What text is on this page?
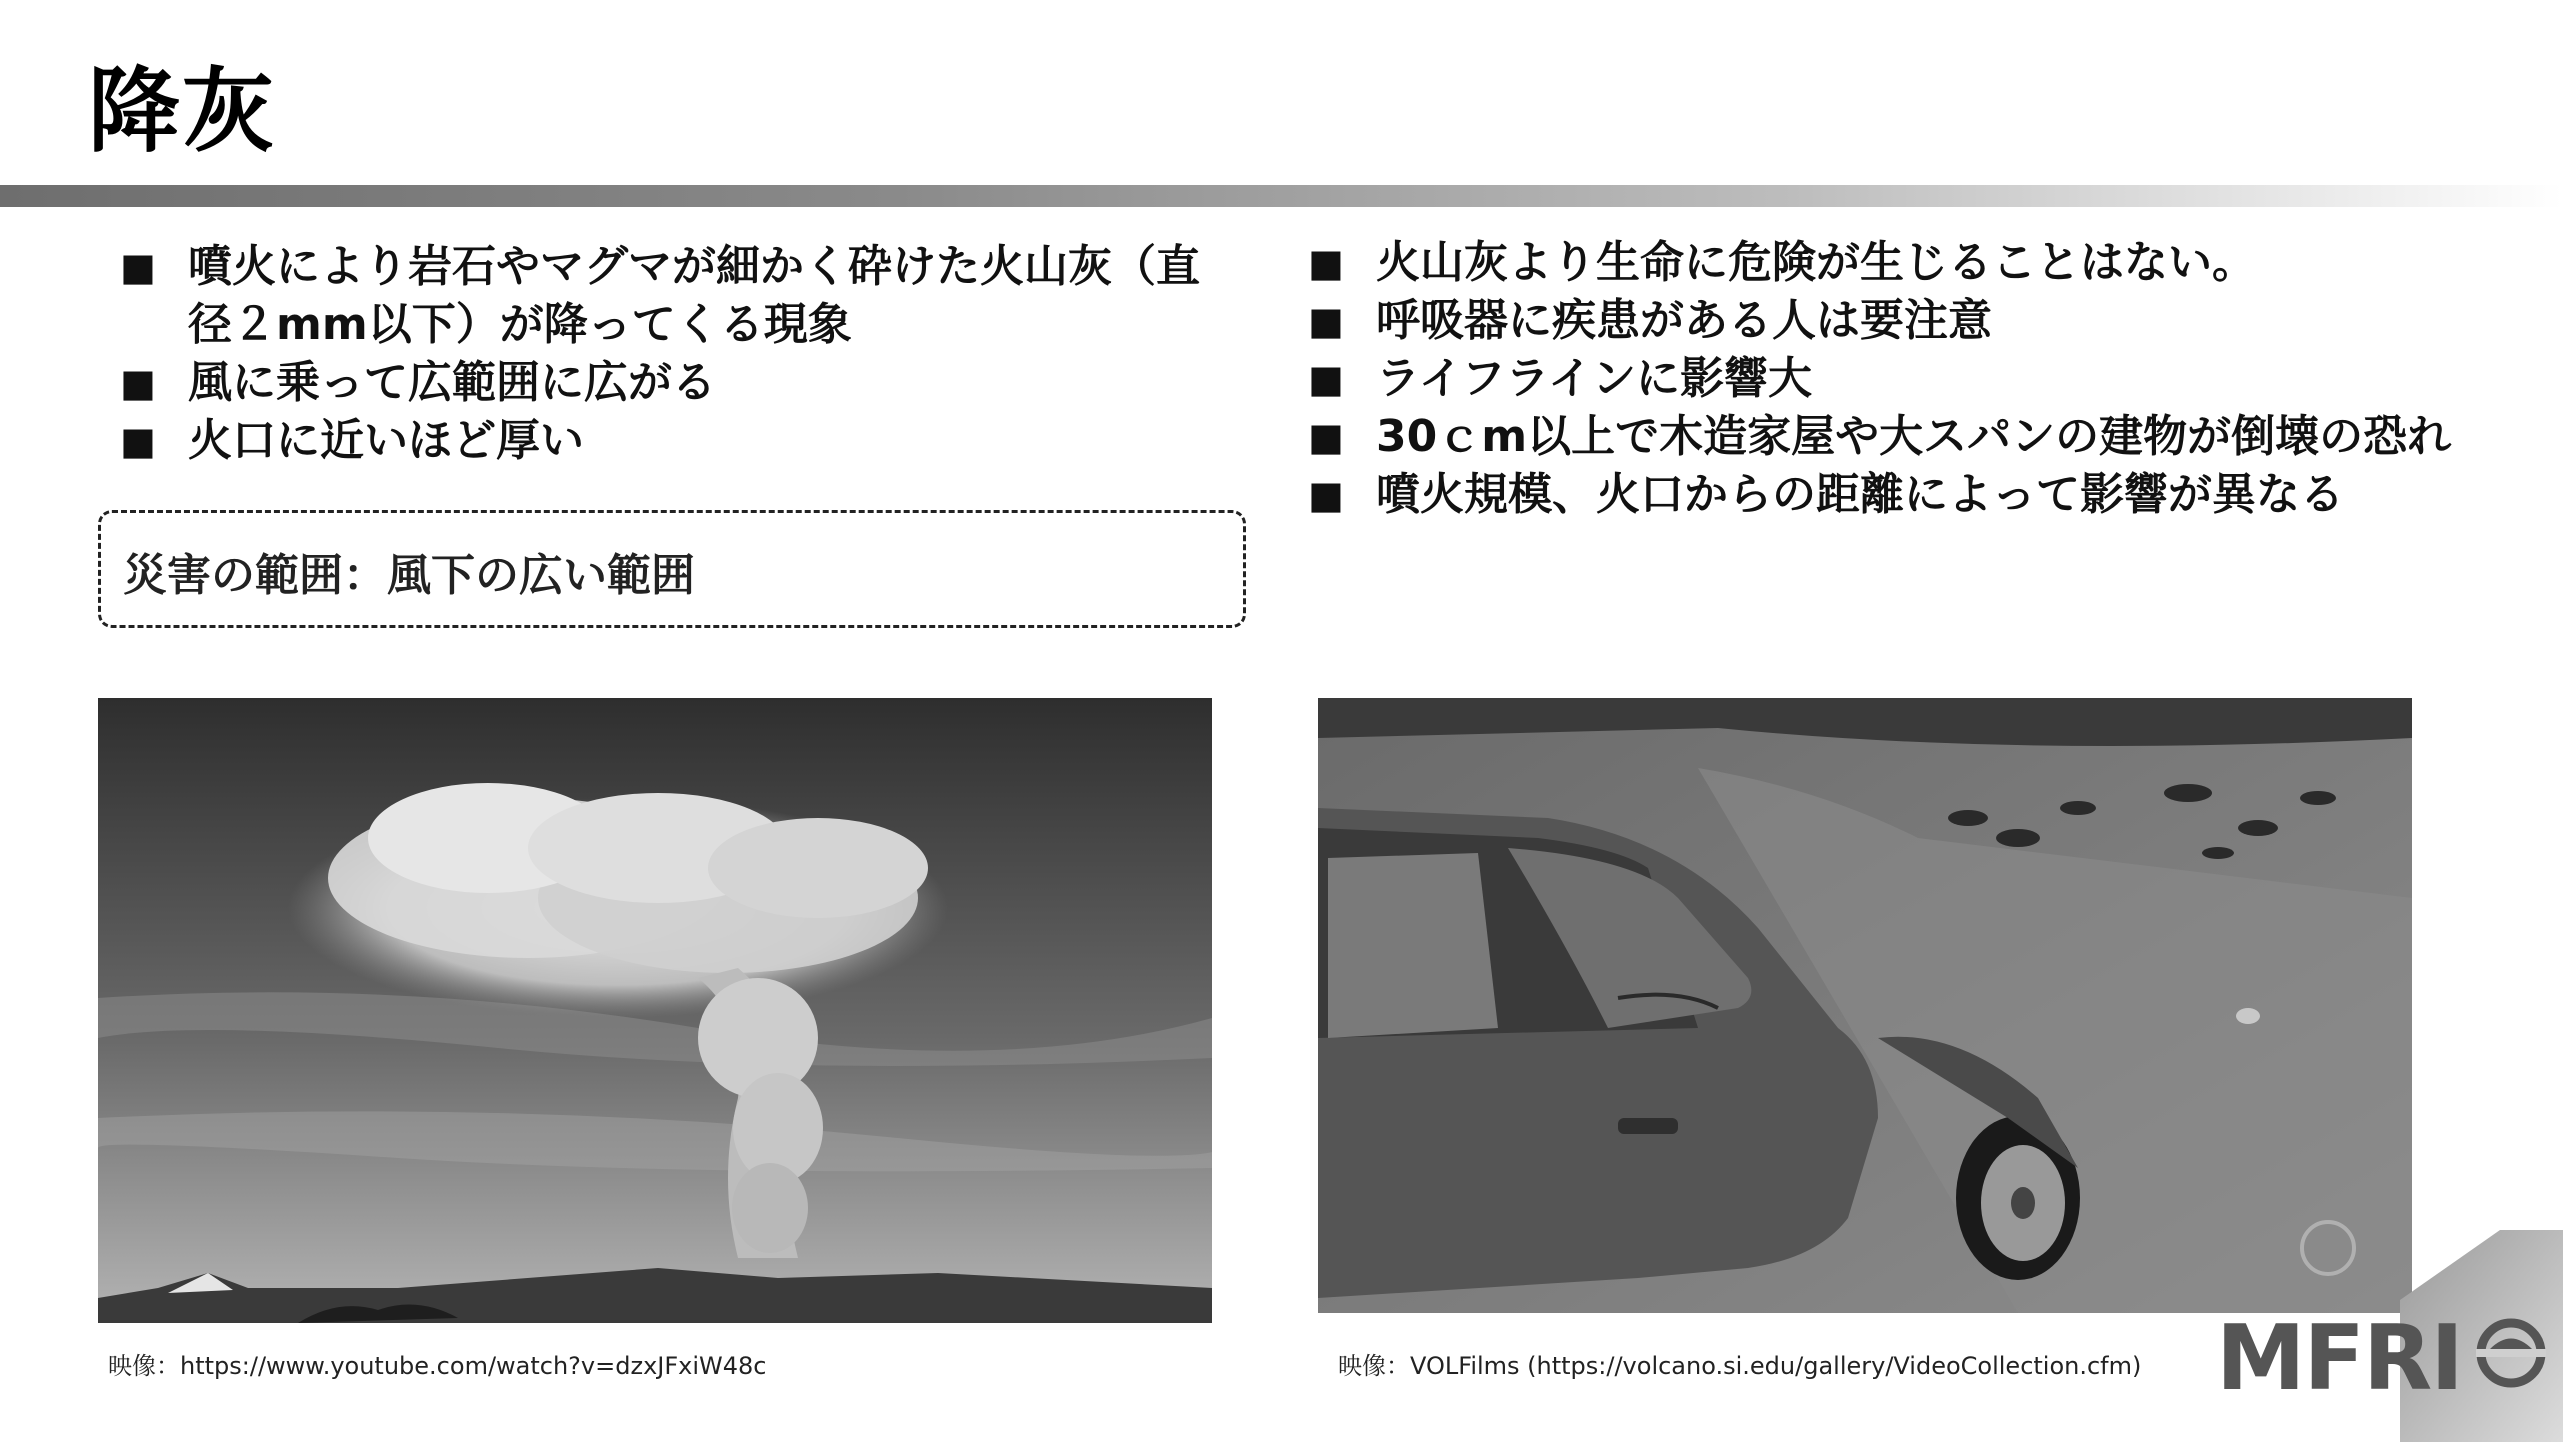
降灰
■ 噴火により岩石やマグマが細かく砕けた火山灰（直径２mm以下）が降ってくる現象
■ 風に乗って広範囲に広がる
■ 火口に近いほど厚い
災害の範囲：風下の広い範囲
■ 火山灰より生命に危険が生じることはない。
■ 呼吸器に疾患がある人は要注意
■ ライフラインに影響大
■ 30ｃm以上で木造家屋や大スパンの建物が倒壊の恐れ
■ 噴火規模、火口からの距離によって影響が異なる
映像：https://www.youtube.com/watch?v=dzxJFxiW48c	映像：VOLFilms (https://volcano.si.edu/gallery/VideoCollection.cfm) MFRI
